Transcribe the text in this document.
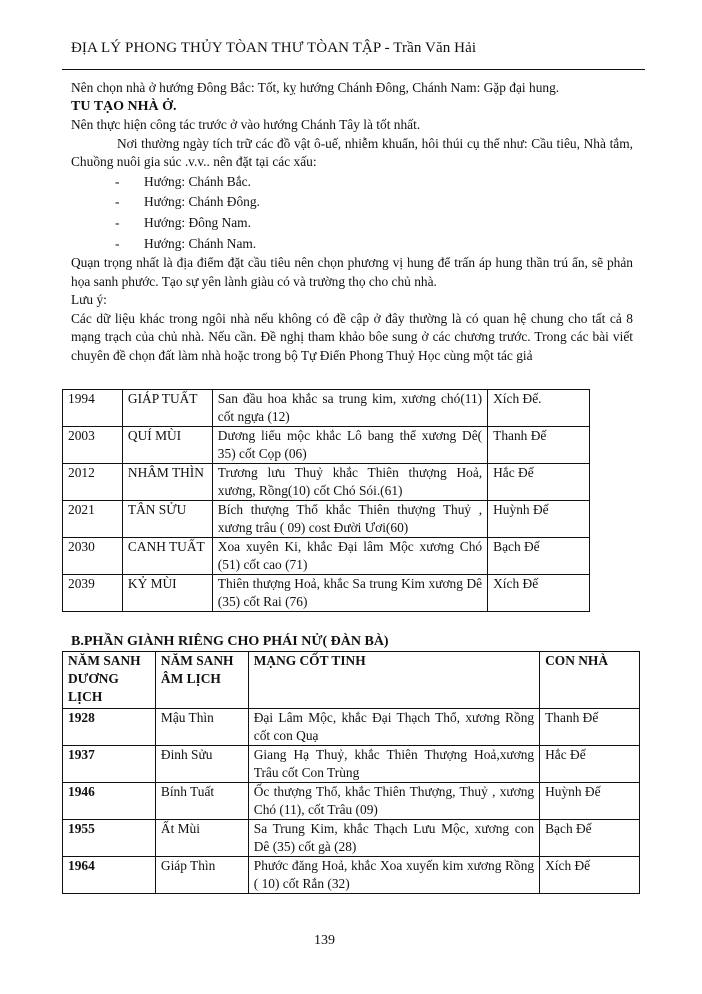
ĐỊA LÝ PHONG THỦY TÒAN THƯ TÒAN TẬP - Trần Văn Hải

Nên chọn nhà ở hướng Đông Bắc: Tốt, kỵ hướng Chánh Đông, Chánh Nam: Gặp đại hung.

TU TẠO NHÀ Ở.

Nên thực hiện công tác trước ở vào hướng Chánh Tây là tốt nhất.

Nơi thường ngày tích trữ các đồ vật ô-uế, nhiễm khuẩn, hôi thúi cụ thể như: Cầu tiêu, Nhà tắm, Chuồng nuôi gia súc .v.v.. nên đặt tại các xấu:

- Hướng: Chánh Bắc.

- Hướng: Chánh Đông.

- Hướng: Đông Nam.

- Hướng: Chánh Nam.

Quạn trọng nhất là địa điểm đặt cầu tiêu nên chọn phương vị hung để trấn áp hung thần trú ẩn, sẽ phản họa sanh phước. Tạo sự yên lành giàu có và trường thọ cho chủ nhà.

Lưu ý:

Các dữ liệu khác trong ngôi nhà nếu không có đề cập ở đây thường là có quan hệ chung cho tất cả 8 mạng trạch của chủ nhà. Nếu cần. Đề nghị tham khảo bôe sung ở các chương trước. Trong các bài viết chuyên đề chọn đất làm nhà hoặc trong bộ Tự Điển Phong Thuỷ Học cùng một tác giả

1994	GIÁP TUẤT	San đầu hoa khắc sa trung kim, xương chó(11) cốt ngựa (12)	Xích Đế.
2003	QUÍ MÙI	Dương liểu mộc khắc Lô bang thể xương Dê( 35) cốt Cọp (06)	Thanh Đế
2012	NHÂM THÌN	Trương lưu Thuỷ khắc Thiên thượng Hoả, xương, Rồng(10) cốt Chó Sói.(61)	Hắc Đế
2021	TÂN SỬU	Bích thượng Thổ khắc Thiên thượng Thuỷ , xương trâu ( 09) cost Đười Ươi(60)	Huỳnh Đế
2030	CANH TUẤT	Xoa xuyên Ki, khắc Đại lâm Mộc xương Chó (51) cốt cao (71)	Bạch Đế
2039	KỶ MÙI	Thiên thượng Hoả, khắc Sa trung Kim xương Dê (35) cốt Rai (76)	Xích Đế
B.PHẦN GIÀNH RIÊNG CHO PHÁI NỬ( ĐÀN BÀ)
NĂM SANH DƯƠNG LỊCH	NĂM SANH ÂM LỊCH	MẠNG CỐT TINH	CON NHÀ
1928	Mậu Thìn	Đại Lâm Mộc, khắc Đại Thạch Thổ, xương Rồng cốt con Quạ	Thanh Đế
1937	Đinh Sửu	Giang Hạ Thuỷ, khắc Thiên Thượng Hoả,xương Trâu cốt Con Trùng	Hắc Đế
1946	Bính Tuất	Ốc thượng Thổ, khắc Thiên Thượng, Thuỷ , xương Chó (11), cốt Trâu (09)	Huỳnh Đế
1955	Ất Mùi	Sa Trung Kim, khắc Thạch Lưu Mộc, xương con Dê (35) cốt gà (28)	Bạch Đế
1964	Giáp Thìn	Phước đăng Hoả, khắc Xoa xuyến kim xương Rồng ( 10) cốt Rắn (32)	Xích Đế
139
